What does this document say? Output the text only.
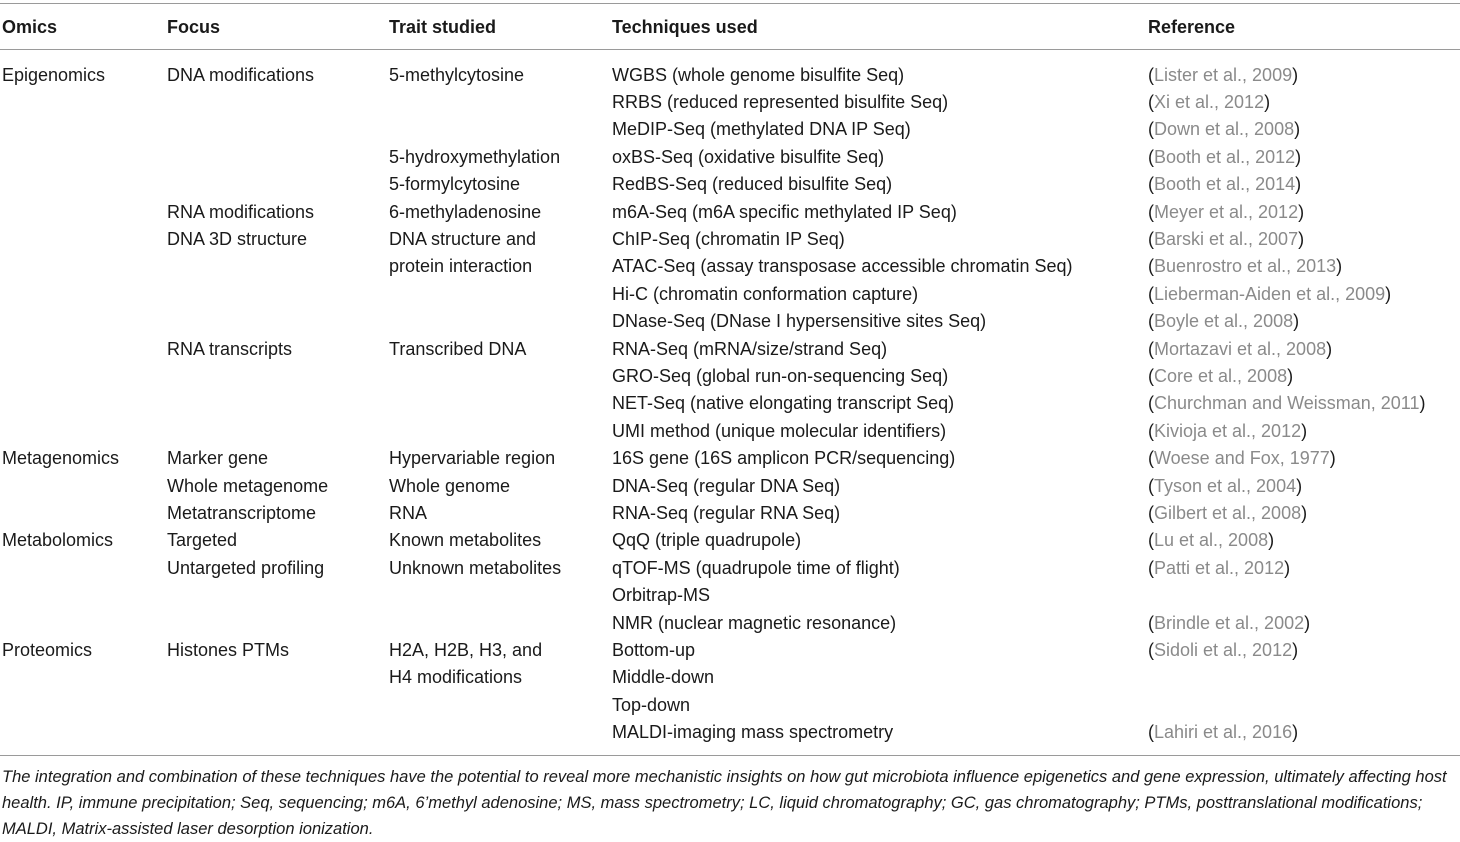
Omics	Focus	Trait studied	Techniques used	Reference
Epigenomics	DNA modifications	5-methylcytosine	WGBS (whole genome bisulfite Seq)	(Lister et al., 2009)
			RRBS (reduced represented bisulfite Seq)	(Xi et al., 2012)
			MeDIP-Seq (methylated DNA IP Seq)	(Down et al., 2008)
		5-hydroxymethylation	oxBS-Seq (oxidative bisulfite Seq)	(Booth et al., 2012)
		5-formylcytosine	RedBS-Seq (reduced bisulfite Seq)	(Booth et al., 2014)
	RNA modifications	6-methyladenosine	m6A-Seq (m6A specific methylated IP Seq)	(Meyer et al., 2012)
	DNA 3D structure	DNA structure and	ChIP-Seq (chromatin IP Seq)	(Barski et al., 2007)
		protein interaction	ATAC-Seq (assay transposase accessible chromatin Seq)	(Buenrostro et al., 2013)
			Hi-C (chromatin conformation capture)	(Lieberman-Aiden et al., 2009)
			DNase-Seq (DNase I hypersensitive sites Seq)	(Boyle et al., 2008)
	RNA transcripts	Transcribed DNA	RNA-Seq (mRNA/size/strand Seq)	(Mortazavi et al., 2008)
			GRO-Seq (global run-on-sequencing Seq)	(Core et al., 2008)
			NET-Seq (native elongating transcript Seq)	(Churchman and Weissman, 2011)
			UMI method (unique molecular identifiers)	(Kivioja et al., 2012)
Metagenomics	Marker gene	Hypervariable region	16S gene (16S amplicon PCR/sequencing)	(Woese and Fox, 1977)
	Whole metagenome	Whole genome	DNA-Seq (regular DNA Seq)	(Tyson et al., 2004)
	Metatranscriptome	RNA	RNA-Seq (regular RNA Seq)	(Gilbert et al., 2008)
Metabolomics	Targeted	Known metabolites	QqQ (triple quadrupole)	(Lu et al., 2008)
	Untargeted profiling	Unknown metabolites	qTOF-MS (quadrupole time of flight)	(Patti et al., 2012)
			Orbitrap-MS	
			NMR (nuclear magnetic resonance)	(Brindle et al., 2002)
Proteomics	Histones PTMs	H2A, H2B, H3, and	Bottom-up	(Sidoli et al., 2012)
		H4 modifications	Middle-down	
			Top-down	
			MALDI-imaging mass spectrometry	(Lahiri et al., 2016)

The integration and combination of these techniques have the potential to reveal more mechanistic insights on how gut microbiota influence epigenetics and gene expression, ultimately affecting host health. IP, immune precipitation; Seq, sequencing; m6A, 6’methyl adenosine; MS, mass spectrometry; LC, liquid chromatography; GC, gas chromatography; PTMs, posttranslational modifications; MALDI, Matrix-assisted laser desorption ionization.
